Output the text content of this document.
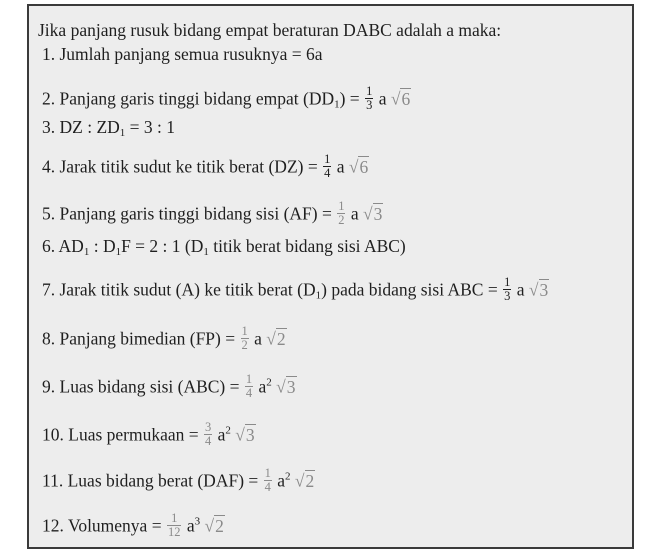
Jika panjang rusuk bidang empat beraturan DABC adalah a maka:
1. Jumlah panjang semua rusuknya = 6a
2. Panjang garis tinggi bidang empat $(DD_1) = \frac{1}{3}$ a √6
3. DZ : $ZD_1 = 3$ : 1
4. Jarak titik sudut ke titik berat $(DZ) = \frac{1}{4}$ a √6
5. Panjang garis tinggi bidang sisi $(AF) = \frac{1}{2}$ a √3
6. $AD_1$ : $D_1F = 2$ : 1 ($D_1$ titik berat bidang sisi ABC)
7. Jarak titik sudut (A) ke titik berat $(D_1)$ pada bidang sisi ABC = $\frac{1}{3}$ a √3
8. Panjang bimedian $(FP) = \frac{1}{2}$ a √2
9. Luas bidang sisi $(ABC) = \frac{1}{4} a^2$ √3
10. Luas permukaan = $\frac{3}{4} a^2$ √3
11. Luas bidang berat $(DAF) = \frac{1}{4} a^2$ √2
12. Volumenya = $\frac{1}{12} a^3$ √2
